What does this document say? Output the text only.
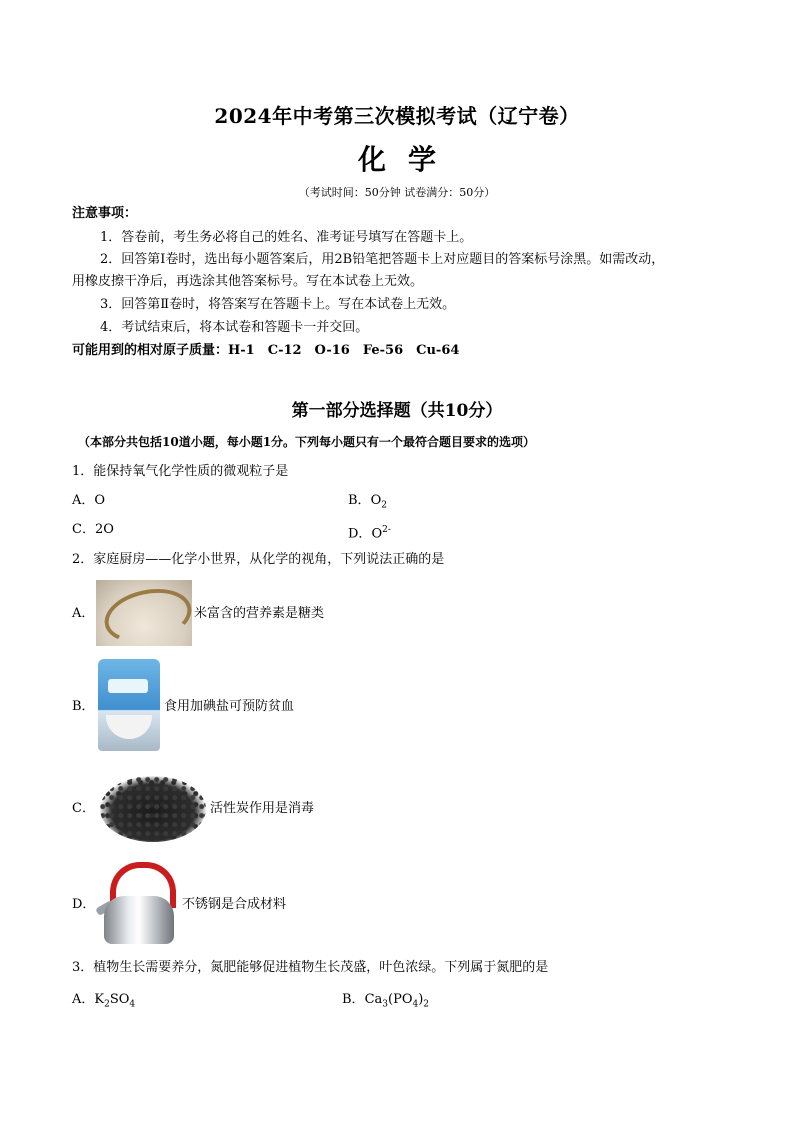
2024年中考第三次模拟考试（辽宁卷）
化学
（考试时间：50分钟 试卷满分：50分）
注意事项：
1．答卷前，考生务必将自己的姓名、准考证号填写在答题卡上。
2．回答第Ⅰ卷时，选出每小题答案后，用2B铅笔把答题卡上对应题目的答案标号涂黑。如需改动，
用橡皮擦干净后，再选涂其他答案标号。写在本试卷上无效。
3．回答第Ⅱ卷时，将答案写在答题卡上。写在本试卷上无效。
4．考试结束后，将本试卷和答题卡一并交回。
可能用到的相对原子质量：H-1　C-12　O-16　Fe-56　Cu-64
第一部分选择题（共10分）
（本部分共包括10道小题，每小题1分。下列每小题只有一个最符合题目要求的选项）
1．能保持氧气化学性质的微观粒子是
A．O	B．$O_2$
C．2O	D．$O^{2-}$
2．家庭厨房——化学小世界，从化学的视角，下列说法正确的是
A．	米富含的营养素是糖类
B．	食用加碘盐可预防贫血
C．	活性炭作用是消毒
D．	不锈钢是合成材料
3．植物生长需要养分，氮肥能够促进植物生长茂盛，叶色浓绿。下列属于氮肥的是
A．$K_2SO_4$	B．$Ca_3(PO_4)_2$
